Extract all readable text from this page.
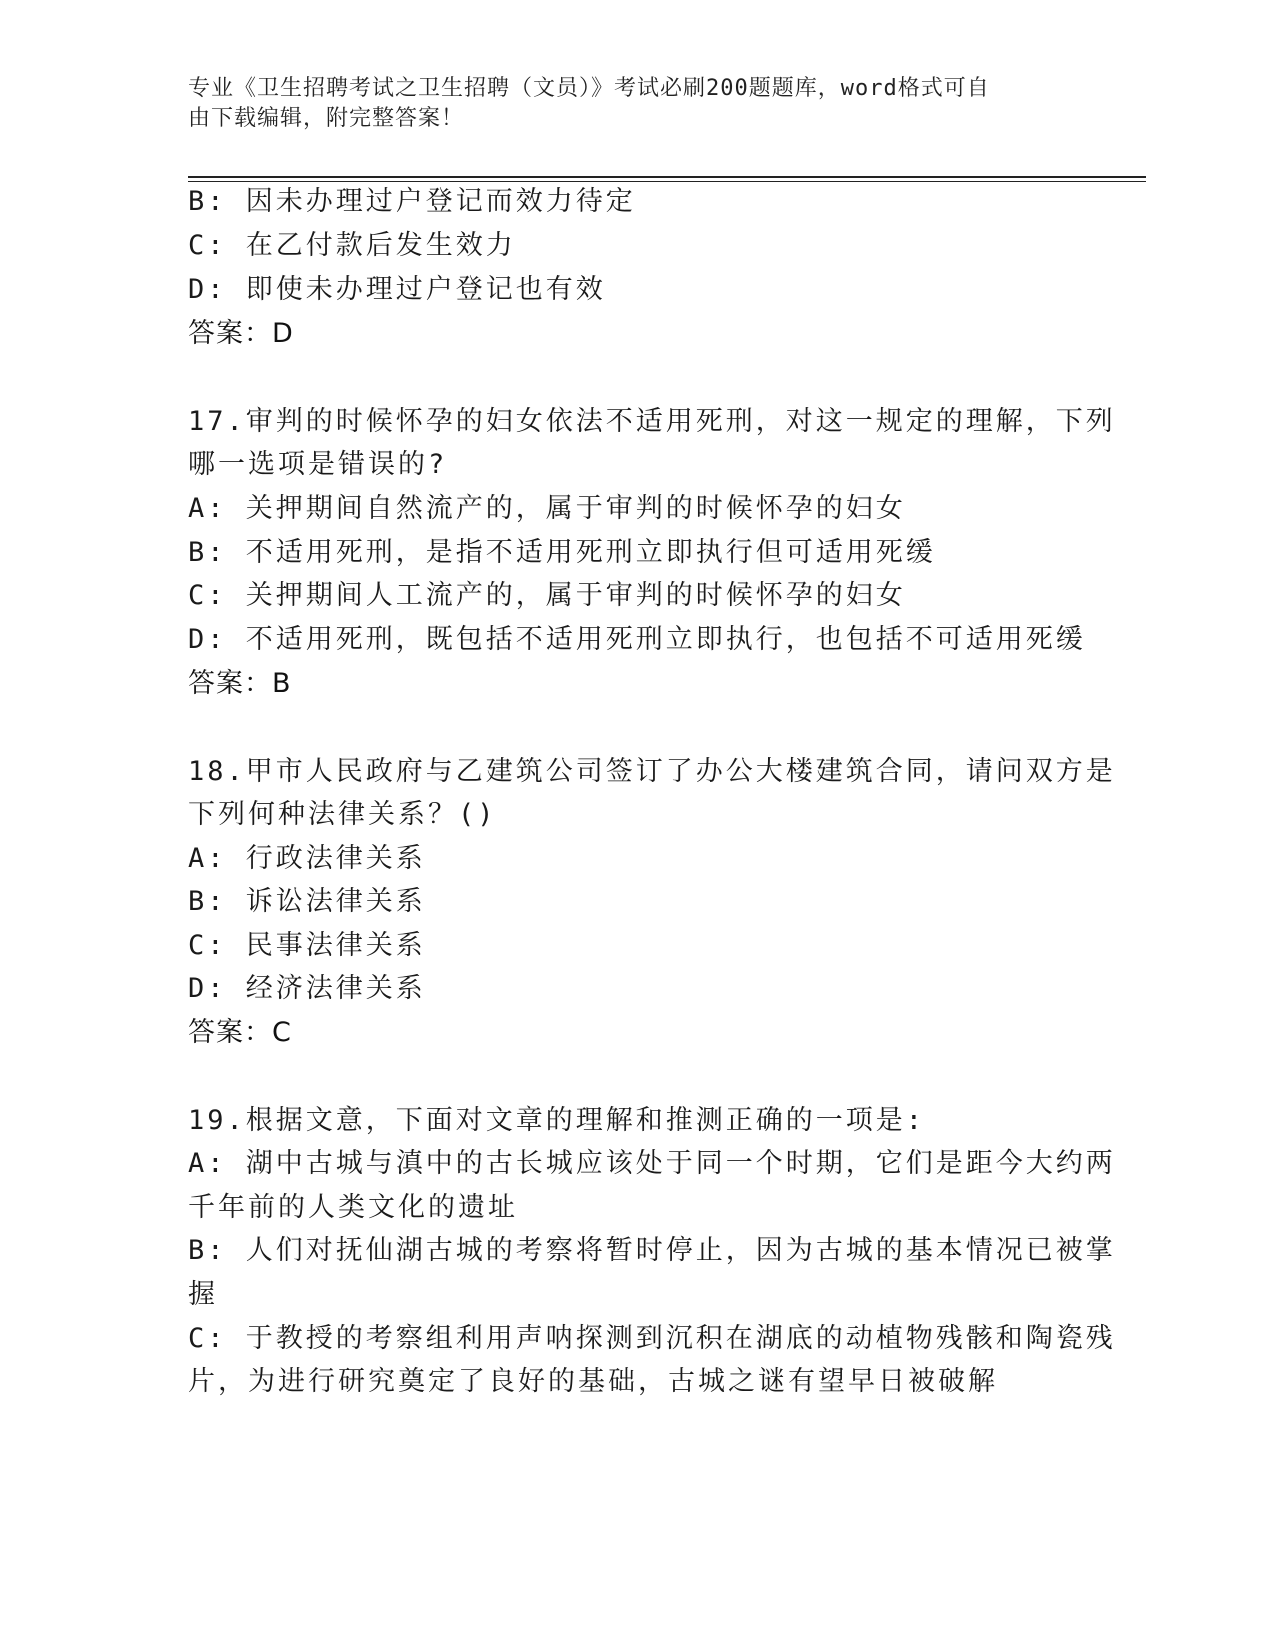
专业《卫生招聘考试之卫生招聘（文员）》考试必刷200题题库，word格式可自
由下载编辑，附完整答案！
B: 因未办理过户登记而效力待定
C: 在乙付款后发生效力
D: 即使未办理过户登记也有效
答案：D
17.审判的时候怀孕的妇女依法不适用死刑，对这一规定的理解，下列
哪一选项是错误的?
A: 关押期间自然流产的，属于审判的时候怀孕的妇女
B: 不适用死刑，是指不适用死刑立即执行但可适用死缓
C: 关押期间人工流产的，属于审判的时候怀孕的妇女
D: 不适用死刑，既包括不适用死刑立即执行，也包括不可适用死缓
答案：B
18.甲市人民政府与乙建筑公司签订了办公大楼建筑合同，请问双方是
下列何种法律关系？()
A: 行政法律关系
B: 诉讼法律关系
C: 民事法律关系
D: 经济法律关系
答案：C
19.根据文意，下面对文章的理解和推测正确的一项是:
A: 湖中古城与滇中的古长城应该处于同一个时期，它们是距今大约两
千年前的人类文化的遗址
B: 人们对抚仙湖古城的考察将暂时停止，因为古城的基本情况已被掌
握
C: 于教授的考察组利用声呐探测到沉积在湖底的动植物残骸和陶瓷残
片，为进行研究奠定了良好的基础，古城之谜有望早日被破解
